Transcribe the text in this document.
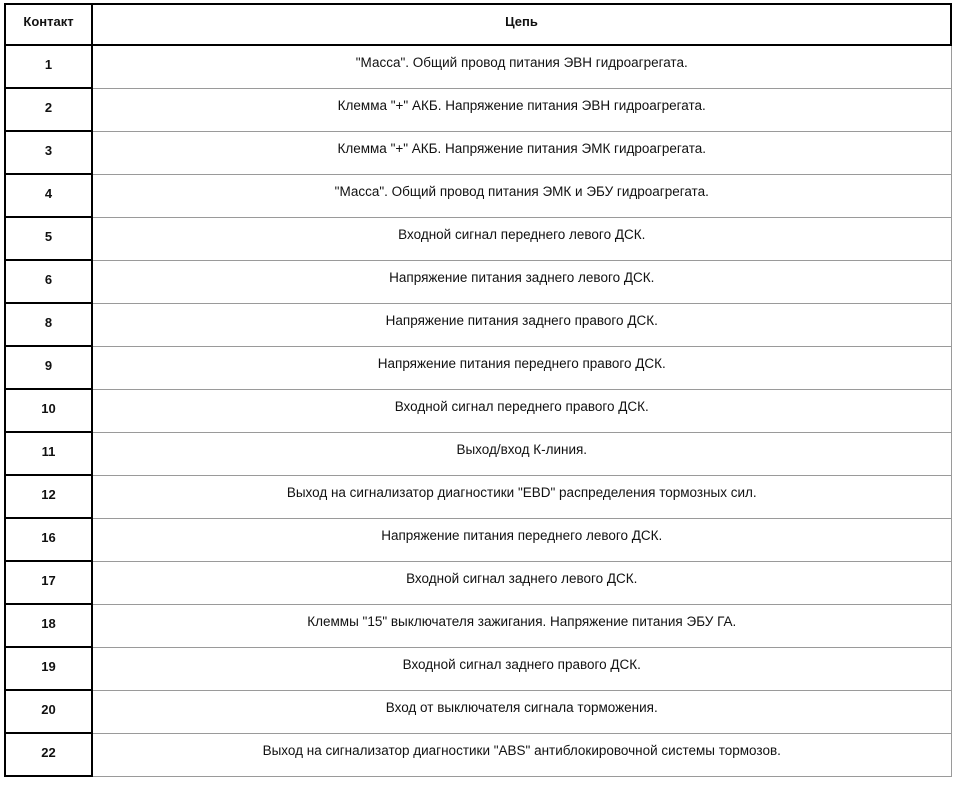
Контакт	Цепь
1	"Масса". Общий провод питания ЭВН гидроагрегата.
2	Клемма "+" АКБ. Напряжение питания ЭВН гидроагрегата.
3	Клемма "+" АКБ. Напряжение питания ЭМК гидроагрегата.
4	"Масса". Общий провод питания ЭМК и ЭБУ гидроагрегата.
5	Входной сигнал переднего левого ДСК.
6	Напряжение питания заднего левого ДСК.
8	Напряжение питания заднего правого ДСК.
9	Напряжение питания переднего правого ДСК.
10	Входной сигнал переднего правого ДСК.
11	Выход/вход К-линия.
12	Выход на сигнализатор диагностики "EBD" распределения тормозных сил.
16	Напряжение питания переднего левого ДСК.
17	Входной сигнал заднего левого ДСК.
18	Клеммы "15" выключателя зажигания. Напряжение питания ЭБУ ГА.
19	Входной сигнал заднего правого ДСК.
20	Вход от выключателя сигнала торможения.
22	Выход на сигнализатор диагностики "ABS" антиблокировочной системы тормозов.
